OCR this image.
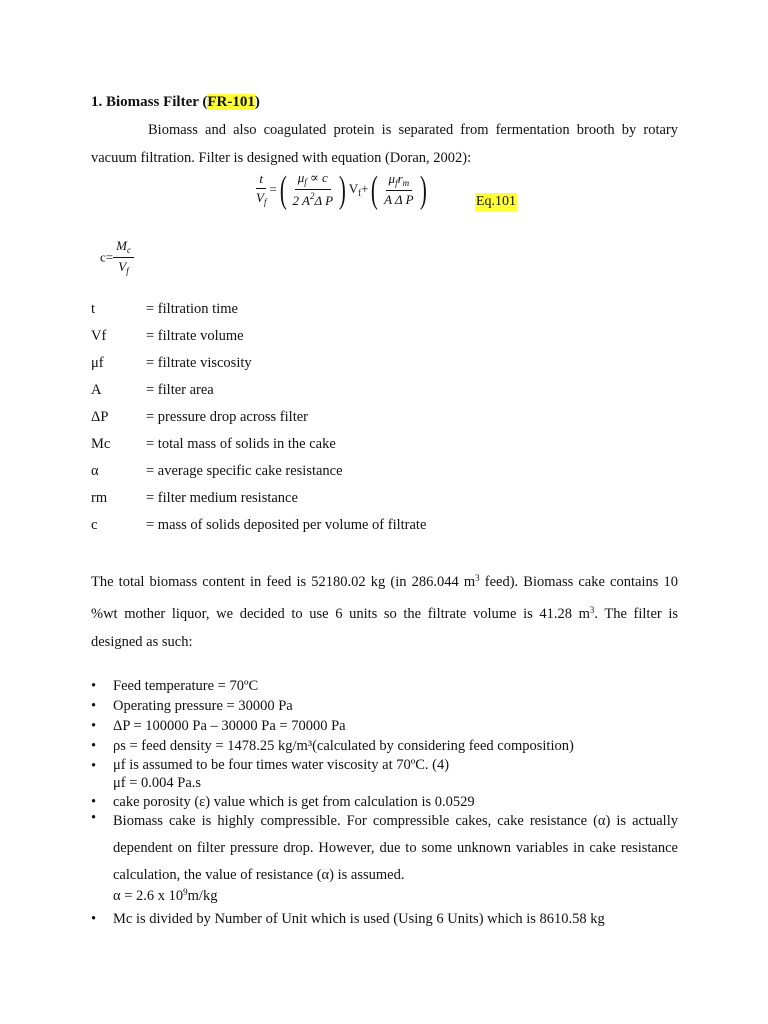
1. Biomass Filter (FR-101)
Biomass and also coagulated protein is separated from fermentation brooth by rotary vacuum filtration. Filter is designed with equation (Doran, 2002):
$\frac{t}{V_f}$ =( $\frac{\mu_f \propto c}{2 A^2\Delta P}$ ) $V_f+( \frac{\mu_fr_m}{\text{A Δ P}}$ )	Eq.101
$c= \frac{M_c}{V_f}$
t	= filtration time
Vf	= filtrate volume
μf	= filtrate viscosity
A	= filter area
ΔP	= pressure drop across filter
Mc	= total mass of solids in the cake
α	= average specific cake resistance
rm	= filter medium resistance
c	= mass of solids deposited per volume of filtrate
The total biomass content in feed is 52180.02 kg (in 286.044 $m^3$ feed). Biomass cake contains 10 %wt mother liquor, we decided to use 6 units so the filtrate volume is 41.28 $m^3$. The filter is designed as such:
• Feed temperature = 70ºC
• Operating pressure = 30000 Pa
• ΔP = 100000 Pa – 30000 Pa = 70000 Pa
• ρs = feed density = 1478.25 kg/m³(calculated by considering feed composition)
• μf is assumed to be four times water viscosity at 70ºC. (4)
μf = 0.004 Pa.s
• cake porosity (ε) value which is get from calculation is 0.0529
• Biomass cake is highly compressible. For compressible cakes, cake resistance (α) is actually dependent on filter pressure drop. However, due to some unknown variables in cake resistance calculation, the value of resistance (α) is assumed.
α = 2.6 x $10^9m/kg$
• Mc is divided by Number of Unit which is used (Using 6 Units) which is 8610.58 kg
